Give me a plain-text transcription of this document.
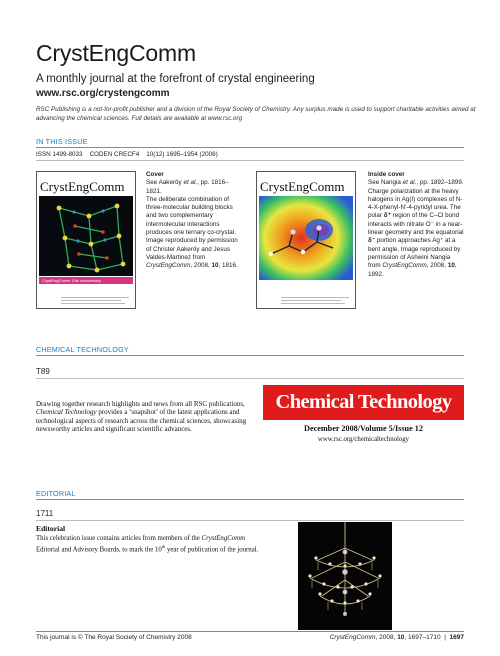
CrystEngComm
A monthly journal at the forefront of crystal engineering
www.rsc.org/crystengcomm
RSC Publishing is a not-for-profit publisher and a division of the Royal Society of Chemistry. Any surplus made is used to support charitable activities aimed at advancing the chemical sciences. Full details are available at www.rsc.org
IN THIS ISSUE
ISSN 1499-8033 CODEN CRECF4 10(12) 1695–1954 (2008)
CrystEngComm
CrystEngComm 10th anniversary
Cover
See Aakeröy et al., pp. 1816–1821.
The deliberate combination of three-molecular building blocks and two complementary intermolecular interactions produces one ternary co-crystal. Image reproduced by permission of Christer Aakeröy and Jesus Valdes-Martinez from CrystEngComm, 2008, 10, 1816.
CrystEngComm
Inside cover
See Nangia et al., pp. 1892–1899.
Charge polarization at the heavy halogens in Ag(I) complexes of N-4-X-phenyl-N′-4-pyridyl urea. The polar δ⁺ region of the C–Cl bond interacts with nitrate O⁻ in a near-linear geometry and the equatorial δ⁻ portion approaches Ag⁺ at a bent angle. Image reproduced by permission of Ashwini Nangia from CrystEngComm, 2008, 10, 1892.
CHEMICAL TECHNOLOGY
T89
Drawing together research highlights and news from all RSC publications, Chemical Technology provides a ‘snapshot’ of the latest applications and technological aspects of research across the chemical sciences, showcasing newsworthy articles and significant scientific advances.
Chemical Technology
December 2008/Volume 5/Issue 12
www.rsc.org/chemicaltechnology
EDITORIAL
1711
Editorial
This celebration issue contains articles from members of the CrystEngComm Editorial and Advisory Boards, to mark the 10th year of publication of the journal.
This journal is © The Royal Society of Chemistry 2008	CrystEngComm, 2008, 10, 1697–1710 | 1697
